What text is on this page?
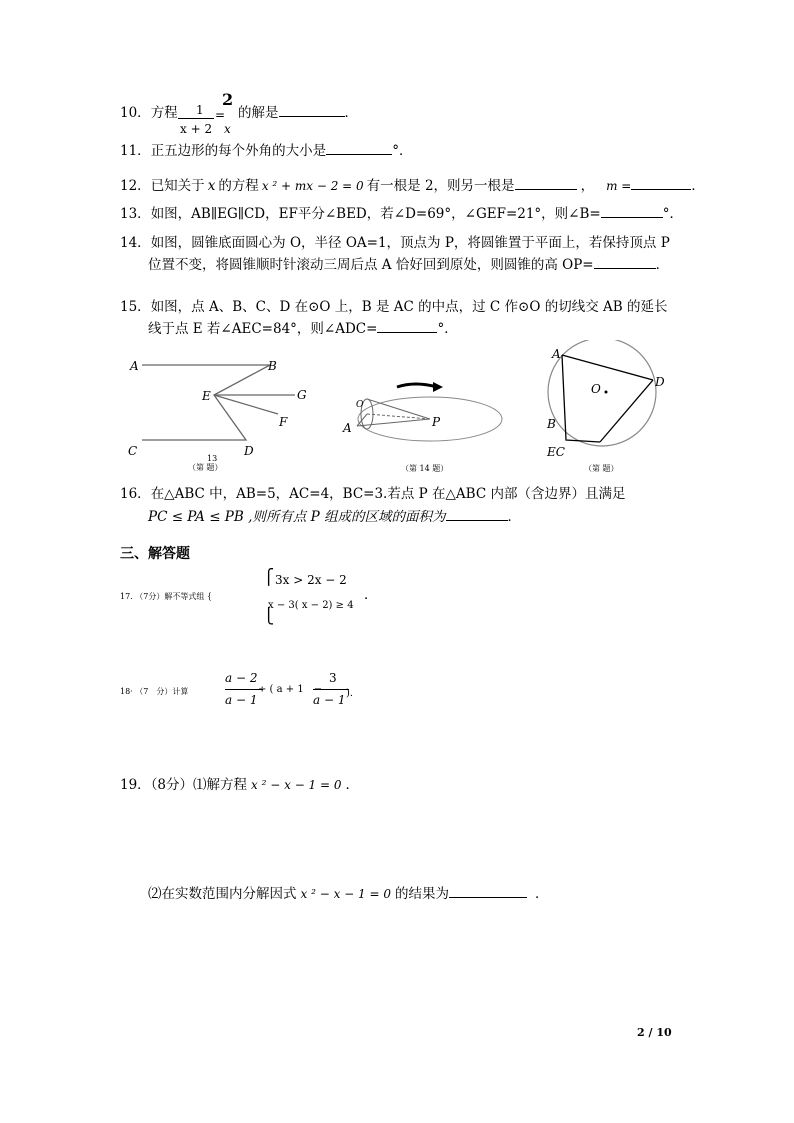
10．方程 1
x + 2
=
2
x
的解是	．
11．正五边形的每个外角的大小是	°．
12．已知关于 x 的方程 x ² + mx − 2 = 0 有一根是 2，则另一根是	， m =	．
13．如图，AB∥EG∥CD，EF平分∠BED，若∠D=69°，∠GEF=21°，则∠B=	°．
14．如图，圆锥底面圆心为 O，半径 OA=1，顶点为 P，将圆锥置于平面上，若保持顶点 P
位置不变，将圆锥顺时针滚动三周后点 A 恰好回到原处，则圆锥的高 OP=	．
15．如图，点 A、B、C、D 在⊙O 上，B 是 AC 的中点，过 C 作⊙O 的切线交 AB 的延长
线于点 E 若∠AEC=84°，则∠ADC=	°．
A	B
E	G
F
C	D
13
（第 题）
O
A	P
（第 14 题）
A
O	D
B
EC
（第 题）
16．在△ABC 中，AB=5，AC=4，BC=3.若点 P 在△ABC 内部（含边界）且满足
PC ≤ PA ≤ PB ,则所有点 P 组成的区域的面积为	．
三、解答题
17. （7分）解不等式组 {
⎧ 3x > 2x − 2
x − 3( x − 2) ≥ 4
⎩
．
18· （7　分）计算
a − 2
a − 1
÷ ( a + 1　−
3
a − 1 )．
19．（8分）⑴解方程 x ² − x − 1 = 0 ．
⑵在实数范围内分解因式 x ² − x − 1 = 0 的结果为	．
2 / 10
